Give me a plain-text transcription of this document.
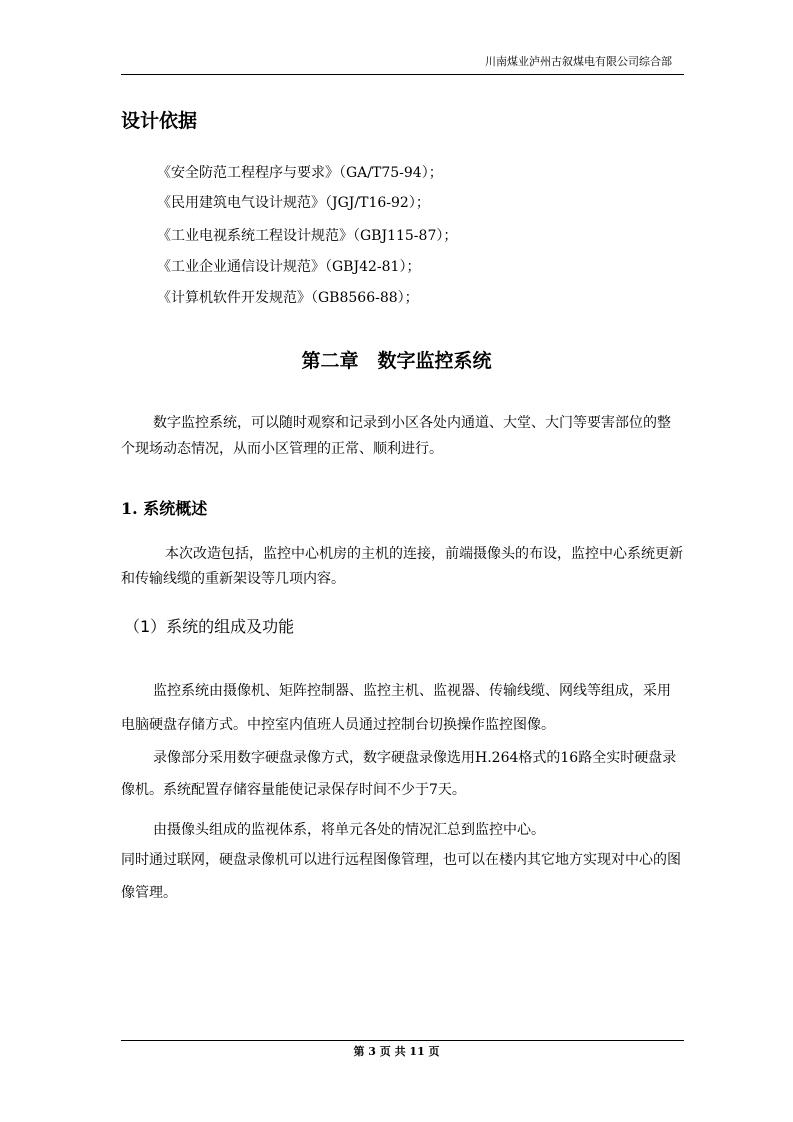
川南煤业泸州古叙煤电有限公司综合部
设计依据
《安全防范工程程序与要求》（GA/T75-94）；
《民用建筑电气设计规范》（JGJ/T16-92）；
《工业电视系统工程设计规范》（GBJ115-87）；
《工业企业通信设计规范》（GBJ42-81）；
《计算机软件开发规范》（GB8566-88）；
第二章　数字监控系统
数字监控系统，可以随时观察和记录到小区各处内通道、大堂、大门等要害部位的整个现场动态情况，从而小区管理的正常、顺利进行。
1. 系统概述
本次改造包括，监控中心机房的主机的连接，前端摄像头的布设，监控中心系统更新和传输线缆的重新架设等几项内容。
（1）系统的组成及功能
监控系统由摄像机、矩阵控制器、监控主机、监视器、传输线缆、网线等组成，采用电脑硬盘存储方式。中控室内值班人员通过控制台切换操作监控图像。
录像部分采用数字硬盘录像方式，数字硬盘录像选用H.264格式的16路全实时硬盘录像机。系统配置存储容量能使记录保存时间不少于7天。
由摄像头组成的监视体系，将单元各处的情况汇总到监控中心。
同时通过联网，硬盘录像机可以进行远程图像管理，也可以在楼内其它地方实现对中心的图像管理。
第 3 页 共 11 页
